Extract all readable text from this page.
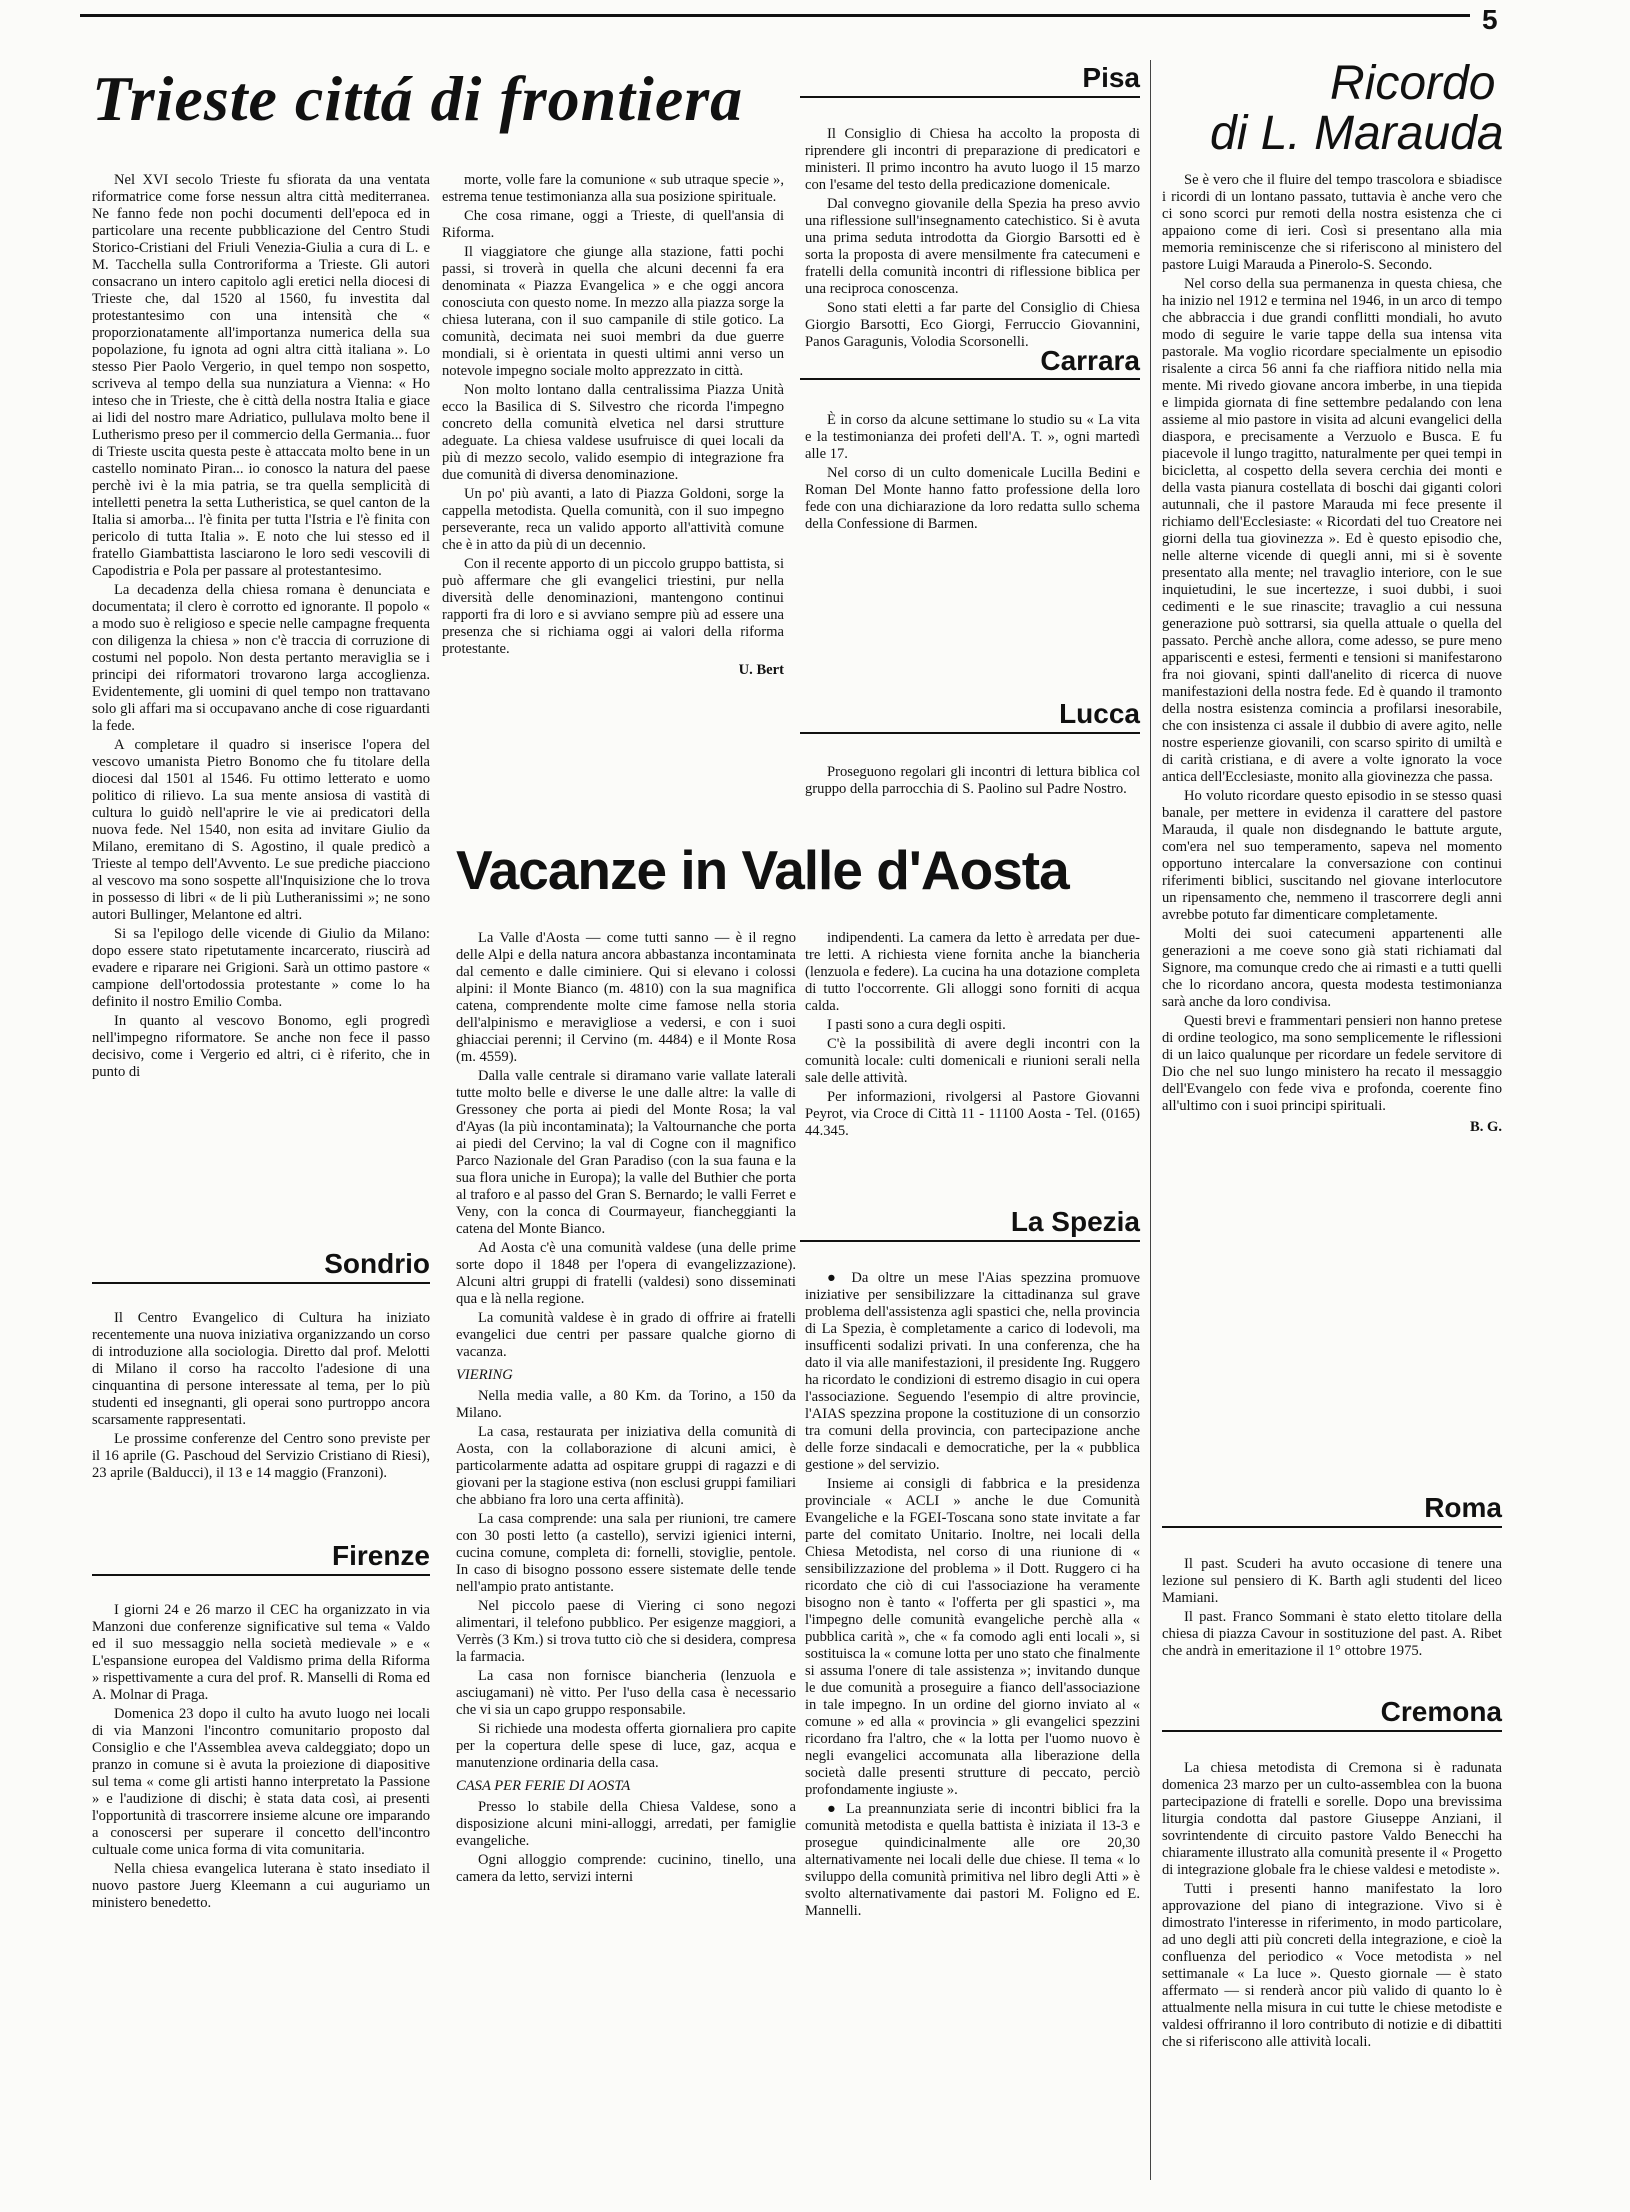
5
Trieste cittá di frontiera

Nel XVI secolo Trieste fu sfiorata da una ventata riformatrice come forse nessun altra città mediterranea. Ne fanno fede non pochi documenti dell'epoca ed in particolare una recente pubblicazione del Centro Studi Storico-Cristiani del Friuli Venezia-Giulia a cura di L. e M. Tacchella sulla Controriforma a Trieste. Gli autori consacrano un intero capitolo agli eretici nella diocesi di Trieste che, dal 1520 al 1560, fu investita dal protestantesimo con una intensità che « proporzionatamente all'importanza numerica della sua popolazione, fu ignota ad ogni altra città italiana ». Lo stesso Pier Paolo Vergerio, in quel tempo non sospetto, scriveva al tempo della sua nunziatura a Vienna: « Ho inteso che in Trieste, che è città della nostra Italia e giace ai lidi del nostro mare Adriatico, pullulava molto bene il Lutherismo preso per il commercio della Germania... fuor di Trieste uscita questa peste è attaccata molto bene in un castello nominato Piran... io conosco la natura del paese perchè ivi è la mia patria, se tra quella semplicità di intelletti penetra la setta Lutheristica, se quel canton de la Italia si amorba... l'è finita per tutta l'Istria e l'è finita con pericolo di tutta Italia ». E noto che lui stesso ed il fratello Giambattista lasciarono le loro sedi vescovili di Capodistria e Pola per passare al protestantesimo.

La decadenza della chiesa romana è denunciata e documentata; il clero è corrotto ed ignorante. Il popolo « a modo suo è religioso e specie nelle campagne frequenta con diligenza la chiesa » non c'è traccia di corruzione di costumi nel popolo. Non desta pertanto meraviglia se i principi dei riformatori trovarono larga accoglienza. Evidentemente, gli uomini di quel tempo non trattavano solo gli affari ma si occupavano anche di cose riguardanti la fede.

A completare il quadro si inserisce l'opera del vescovo umanista Pietro Bonomo che fu titolare della diocesi dal 1501 al 1546. Fu ottimo letterato e uomo politico di rilievo. La sua mente ansiosa di vastità di cultura lo guidò nell'aprire le vie ai predicatori della nuova fede. Nel 1540, non esita ad invitare Giulio da Milano, eremitano di S. Agostino, il quale predicò a Trieste al tempo dell'Avvento. Le sue prediche piacciono al vescovo ma sono sospette all'Inquisizione che lo trova in possesso di libri « de li più Lutheranissimi »; ne sono autori Bullinger, Melantone ed altri.

Si sa l'epilogo delle vicende di Giulio da Milano: dopo essere stato ripetutamente incarcerato, riuscirà ad evadere e riparare nei Grigioni. Sarà un ottimo pastore « campione dell'ortodossia protestante » come lo ha definito il nostro Emilio Comba.

In quanto al vescovo Bonomo, egli progredì nell'impegno riformatore. Se anche non fece il passo decisivo, come i Vergerio ed altri, ci è riferito, che in punto di

morte, volle fare la comunione « sub utraque specie », estrema tenue testimonianza alla sua posizione spirituale.

Che cosa rimane, oggi a Trieste, di quell'ansia di Riforma.

Il viaggiatore che giunge alla stazione, fatti pochi passi, si troverà in quella che alcuni decenni fa era denominata « Piazza Evangelica » e che oggi ancora conosciuta con questo nome. In mezzo alla piazza sorge la chiesa luterana, con il suo campanile di stile gotico. La comunità, decimata nei suoi membri da due guerre mondiali, si è orientata in questi ultimi anni verso un notevole impegno sociale molto apprezzato in città.

Non molto lontano dalla centralissima Piazza Unità ecco la Basilica di S. Silvestro che ricorda l'impegno concreto della comunità elvetica nel darsi strutture adeguate. La chiesa valdese usufruisce di quei locali da più di mezzo secolo, valido esempio di integrazione fra due comunità di diversa denominazione.

Un po' più avanti, a lato di Piazza Goldoni, sorge la cappella metodista. Quella comunità, con il suo impegno perseverante, reca un valido apporto all'attività comune che è in atto da più di un decennio.

Con il recente apporto di un piccolo gruppo battista, si può affermare che gli evangelici triestini, pur nella diversità delle denominazioni, mantengono continui rapporti fra di loro e si avviano sempre più ad essere una presenza che si richiama oggi ai valori della riforma protestante.

U. Bert
Pisa

Il Consiglio di Chiesa ha accolto la proposta di riprendere gli incontri di preparazione di predicatori e ministeri. Il primo incontro ha avuto luogo il 15 marzo con l'esame del testo della predicazione domenicale.

Dal convegno giovanile della Spezia ha preso avvio una riflessione sull'insegnamento catechistico. Si è avuta una prima seduta introdotta da Giorgio Barsotti ed è sorta la proposta di avere mensilmente fra catecumeni e fratelli della comunità incontri di riflessione biblica per una reciproca conoscenza.

Sono stati eletti a far parte del Consiglio di Chiesa Giorgio Barsotti, Eco Giorgi, Ferruccio Giovannini, Panos Garagunis, Volodia Scorsonelli.

Carrara

È in corso da alcune settimane lo studio su « La vita e la testimonianza dei profeti dell'A. T. », ogni martedì alle 17.

Nel corso di un culto domenicale Lucilla Bedini e Roman Del Monte hanno fatto professione della loro fede con una dichiarazione da loro redatta sullo schema della Confessione di Barmen.

Lucca

Proseguono regolari gli incontri di lettura biblica col gruppo della parrocchia di S. Paolino sul Padre Nostro.

Ricordo
di L. Marauda

Se è vero che il fluire del tempo trascolora e sbiadisce i ricordi di un lontano passato, tuttavia è anche vero che ci sono scorci pur remoti della nostra esistenza che ci appaiono come di ieri. Così si presentano alla mia memoria reminiscenze che si riferiscono al ministero del pastore Luigi Marauda a Pinerolo-S. Secondo.

Nel corso della sua permanenza in questa chiesa, che ha inizio nel 1912 e termina nel 1946, in un arco di tempo che abbraccia i due grandi conflitti mondiali, ho avuto modo di seguire le varie tappe della sua intensa vita pastorale. Ma voglio ricordare specialmente un episodio risalente a circa 56 anni fa che riaffiora nitido nella mia mente. Mi rivedo giovane ancora imberbe, in una tiepida e limpida giornata di fine settembre pedalando con lena assieme al mio pastore in visita ad alcuni evangelici della diaspora, e precisamente a Verzuolo e Busca. E fu piacevole il lungo tragitto, naturalmente per quei tempi in bicicletta, al cospetto della severa cerchia dei monti e della vasta pianura costellata di boschi dai giganti colori autunnali, che il pastore Marauda mi fece presente il richiamo dell'Ecclesiaste: « Ricordati del tuo Creatore nei giorni della tua giovinezza ». Ed è questo episodio che, nelle alterne vicende di quegli anni, mi si è sovente presentato alla mente; nel travaglio interiore, con le sue inquietudini, le sue incertezze, i suoi dubbi, i suoi cedimenti e le sue rinascite; travaglio a cui nessuna generazione può sottrarsi, sia quella attuale o quella del passato. Perchè anche allora, come adesso, se pure meno appariscenti e estesi, fermenti e tensioni si manifestarono fra noi giovani, spinti dall'anelito di ricerca di nuove manifestazioni della nostra fede. Ed è quando il tramonto della nostra esistenza comincia a profilarsi inesorabile, che con insistenza ci assale il dubbio di avere agito, nelle nostre esperienze giovanili, con scarso spirito di umiltà e di carità cristiana, e di avere a volte ignorato la voce antica dell'Ecclesiaste, monito alla giovinezza che passa.

Ho voluto ricordare questo episodio in se stesso quasi banale, per mettere in evidenza il carattere del pastore Marauda, il quale non disdegnando le battute argute, com'era nel suo temperamento, sapeva nel momento opportuno intercalare la conversazione con continui riferimenti biblici, suscitando nel giovane interlocutore un ripensamento che, nemmeno il trascorrere degli anni avrebbe potuto far dimenticare completamente.

Molti dei suoi catecumeni appartenenti alle generazioni a me coeve sono già stati richiamati dal Signore, ma comunque credo che ai rimasti e a tutti quelli che lo ricordano ancora, questa modesta testimonianza sarà anche da loro condivisa.

Questi brevi e frammentari pensieri non hanno pretese di ordine teologico, ma sono semplicemente le riflessioni di un laico qualunque per ricordare un fedele servitore di Dio che nel suo lungo ministero ha recato il messaggio dell'Evangelo con fede viva e profonda, coerente fino all'ultimo con i suoi principi spirituali.

B. G.
Roma

Il past. Scuderi ha avuto occasione di tenere una lezione sul pensiero di K. Barth agli studenti del liceo Mamiani.

Il past. Franco Sommani è stato eletto titolare della chiesa di piazza Cavour in sostituzione del past. A. Ribet che andrà in emeritazione il 1° ottobre 1975.

Cremona

La chiesa metodista di Cremona si è radunata domenica 23 marzo per un culto-assemblea con la buona partecipazione di fratelli e sorelle. Dopo una brevissima liturgia condotta dal pastore Giuseppe Anziani, il sovrintendente di circuito pastore Valdo Benecchi ha chiaramente illustrato alla comunità presente il « Progetto di integrazione globale fra le chiese valdesi e metodiste ».

Tutti i presenti hanno manifestato la loro approvazione del piano di integrazione. Vivo si è dimostrato l'interesse in riferimento, in modo particolare, ad uno degli atti più concreti della integrazione, e cioè la confluenza del periodico « Voce metodista » nel settimanale « La luce ». Questo giornale — è stato affermato — si renderà ancor più valido di quanto lo è attualmente nella misura in cui tutte le chiese metodiste e valdesi offriranno il loro contributo di notizie e di dibattiti che si riferiscono alle attività locali.

Sondrio

Il Centro Evangelico di Cultura ha iniziato recentemente una nuova iniziativa organizzando un corso di introduzione alla sociologia. Diretto dal prof. Melotti di Milano il corso ha raccolto l'adesione di una cinquantina di persone interessate al tema, per lo più studenti ed insegnanti, gli operai sono purtroppo ancora scarsamente rappresentati.

Le prossime conferenze del Centro sono previste per il 16 aprile (G. Paschoud del Servizio Cristiano di Riesi), 23 aprile (Balducci), il 13 e 14 maggio (Franzoni).

Firenze

I giorni 24 e 26 marzo il CEC ha organizzato in via Manzoni due conferenze significative sul tema « Valdo ed il suo messaggio nella società medievale » e « L'espansione europea del Valdismo prima della Riforma » rispettivamente a cura del prof. R. Manselli di Roma ed A. Molnar di Praga.

Domenica 23 dopo il culto ha avuto luogo nei locali di via Manzoni l'incontro comunitario proposto dal Consiglio e che l'Assemblea aveva caldeggiato; dopo un pranzo in comune si è avuta la proiezione di diapositive sul tema « come gli artisti hanno interpretato la Passione » e l'audizione di dischi; è stata data così, ai presenti l'opportunità di trascorrere insieme alcune ore imparando a conoscersi per superare il concetto dell'incontro cultuale come unica forma di vita comunitaria.

Nella chiesa evangelica luterana è stato insediato il nuovo pastore Juerg Kleemann a cui auguriamo un ministero benedetto.

Vacanze in Valle d'Aosta

La Valle d'Aosta — come tutti sanno — è il regno delle Alpi e della natura ancora abbastanza incontaminata dal cemento e dalle ciminiere. Qui si elevano i colossi alpini: il Monte Bianco (m. 4810) con la sua magnifica catena, comprendente molte cime famose nella storia dell'alpinismo e meravigliose a vedersi, e con i suoi ghiacciai perenni; il Cervino (m. 4484) e il Monte Rosa (m. 4559).

Dalla valle centrale si diramano varie vallate laterali tutte molto belle e diverse le une dalle altre: la valle di Gressoney che porta ai piedi del Monte Rosa; la val d'Ayas (la più incontaminata); la Valtournanche che porta ai piedi del Cervino; la val di Cogne con il magnifico Parco Nazionale del Gran Paradiso (con la sua fauna e la sua flora uniche in Europa); la valle del Buthier che porta al traforo e al passo del Gran S. Bernardo; le valli Ferret e Veny, con la conca di Courmayeur, fiancheggianti la catena del Monte Bianco.

Ad Aosta c'è una comunità valdese (una delle prime sorte dopo il 1848 per l'opera di evangelizzazione). Alcuni altri gruppi di fratelli (valdesi) sono disseminati qua e là nella regione.

La comunità valdese è in grado di offrire ai fratelli evangelici due centri per passare qualche giorno di vacanza.

VIERING

Nella media valle, a 80 Km. da Torino, a 150 da Milano.

La casa, restaurata per iniziativa della comunità di Aosta, con la collaborazione di alcuni amici, è particolarmente adatta ad ospitare gruppi di ragazzi e di giovani per la stagione estiva (non esclusi gruppi familiari che abbiano fra loro una certa affinità).

La casa comprende: una sala per riunioni, tre camere con 30 posti letto (a castello), servizi igienici interni, cucina comune, completa di: fornelli, stoviglie, pentole. In caso di bisogno possono essere sistemate delle tende nell'ampio prato antistante.

Nel piccolo paese di Viering ci sono negozi alimentari, il telefono pubblico. Per esigenze maggiori, a Verrès (3 Km.) si trova tutto ciò che si desidera, compresa la farmacia.

La casa non fornisce biancheria (lenzuola e asciugamani) nè vitto. Per l'uso della casa è necessario che vi sia un capo gruppo responsabile.

Si richiede una modesta offerta giornaliera pro capite per la copertura delle spese di luce, gaz, acqua e manutenzione ordinaria della casa.

CASA PER FERIE DI AOSTA

Presso lo stabile della Chiesa Valdese, sono a disposizione alcuni mini-alloggi, arredati, per famiglie evangeliche.

Ogni alloggio comprende: cucinino, tinello, una camera da letto, servizi interni

indipendenti. La camera da letto è arredata per due-tre letti. A richiesta viene fornita anche la biancheria (lenzuola e federe). La cucina ha una dotazione completa di tutto l'occorrente. Gli alloggi sono forniti di acqua calda.

I pasti sono a cura degli ospiti.

C'è la possibilità di avere degli incontri con la comunità locale: culti domenicali e riunioni serali nella sale delle attività.

Per informazioni, rivolgersi al Pastore Giovanni Peyrot, via Croce di Città 11 - 11100 Aosta - Tel. (0165) 44.345.

La Spezia

● Da oltre un mese l'Aias spezzina promuove iniziative per sensibilizzare la cittadinanza sul grave problema dell'assistenza agli spastici che, nella provincia di La Spezia, è completamente a carico di lodevoli, ma insufficenti sodalizi privati. In una conferenza, che ha dato il via alle manifestazioni, il presidente Ing. Ruggero ha ricordato le condizioni di estremo disagio in cui opera l'associazione. Seguendo l'esempio di altre provincie, l'AIAS spezzina propone la costituzione di un consorzio tra comuni della provincia, con partecipazione anche delle forze sindacali e democratiche, per la « pubblica gestione » del servizio.

Insieme ai consigli di fabbrica e la presidenza provinciale « ACLI » anche le due Comunità Evangeliche e la FGEI-Toscana sono state invitate a far parte del comitato Unitario. Inoltre, nei locali della Chiesa Metodista, nel corso di una riunione di « sensibilizzazione del problema » il Dott. Ruggero ci ha ricordato che ciò di cui l'associazione ha veramente bisogno non è tanto « l'offerta per gli spastici », ma l'impegno delle comunità evangeliche perchè alla « pubblica carità », che « fa comodo agli enti locali », si sostituisca la « comune lotta per uno stato che finalmente si assuma l'onere di tale assistenza »; invitando dunque le due comunità a proseguire a fianco dell'associazione in tale impegno. In un ordine del giorno inviato al « comune » ed alla « provincia » gli evangelici spezzini ricordano fra l'altro, che « la lotta per l'uomo nuovo è negli evangelici accomunata alla liberazione della società dalle presenti strutture di peccato, perciò profondamente ingiuste ».

● La preannunziata serie di incontri biblici fra la comunità metodista e quella battista è iniziata il 13-3 e prosegue quindicinalmente alle ore 20,30 alternativamente nei locali delle due chiese. Il tema « lo sviluppo della comunità primitiva nel libro degli Atti » è svolto alternativamente dai pastori M. Foligno ed E. Mannelli.
